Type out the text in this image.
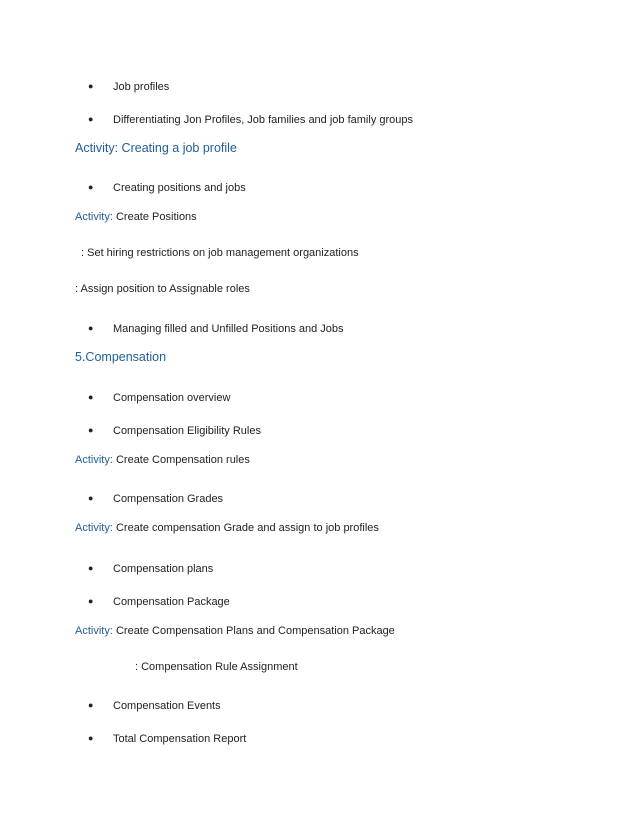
● Job profiles
● Differentiating Jon Profiles, Job families and job family groups
Activity: Creating a job profile
● Creating positions and jobs
Activity: Create Positions
: Set hiring restrictions on job management organizations
: Assign position to Assignable roles
● Managing filled and Unfilled Positions and Jobs
5.Compensation
● Compensation overview
● Compensation Eligibility Rules
Activity: Create Compensation rules
● Compensation Grades
Activity: Create compensation Grade and assign to job profiles
● Compensation plans
● Compensation Package
Activity: Create Compensation Plans and Compensation Package
: Compensation Rule Assignment
● Compensation Events
● Total Compensation Report
